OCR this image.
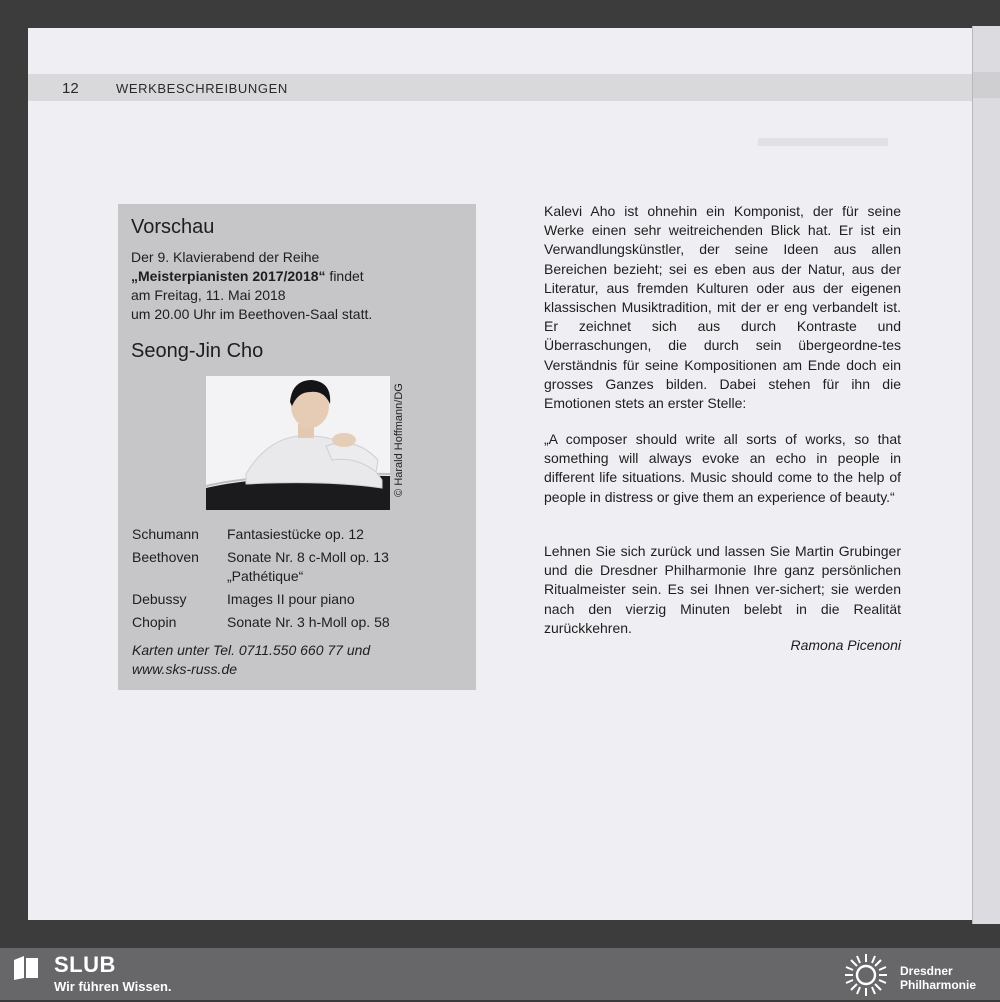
▬▬▬▬▬
12	WERKBESCHREIBUNGEN
Vorschau
Der 9. Klavierabend der Reihe
„Meisterpianisten 2017/2018“ findet
am Freitag, 11. Mai 2018
um 20.00 Uhr im Beethoven-Saal statt.
Seong-Jin Cho
© Harald Hoffmann/DG
Schumann Fantasiestücke op. 12
Beethoven Sonate Nr. 8 c-Moll op. 13
„Pathétique“
Debussy	Images II pour piano
Chopin	Sonate Nr. 3 h-Moll op. 58
Karten unter Tel. 0711.550 660 77 und
www.sks-russ.de

Kalevi Aho ist ohnehin ein Komponist, der für seine Werke einen sehr weitreichenden Blick hat. Er ist ein Verwandlungskünstler, der seine Ideen aus allen Bereichen bezieht; sei es eben aus der Natur, aus der Literatur, aus fremden Kulturen oder aus der eigenen klassischen Musiktradition, mit der er eng verbandelt ist. Er zeichnet sich aus durch Kontraste und Überraschungen, die durch sein übergeordne-tes Verständnis für seine Kompositionen am Ende doch ein grosses Ganzes bilden. Dabei stehen für ihn die Emotionen stets an erster Stelle:

„A composer should write all sorts of works, so that something will always evoke an echo in people in different life situations. Music should come to the help of people in distress or give them an experience of beauty.“

Lehnen Sie sich zurück und lassen Sie Martin Grubinger und die Dresdner Philharmonie Ihre ganz persönlichen Ritualmeister sein. Es sei Ihnen ver-sichert; sie werden nach den vierzig Minuten belebt in die Realität zurückkehren.

Ramona Picenoni
SLUB
Wir führen Wissen.
Dresdner
Philharmonie
